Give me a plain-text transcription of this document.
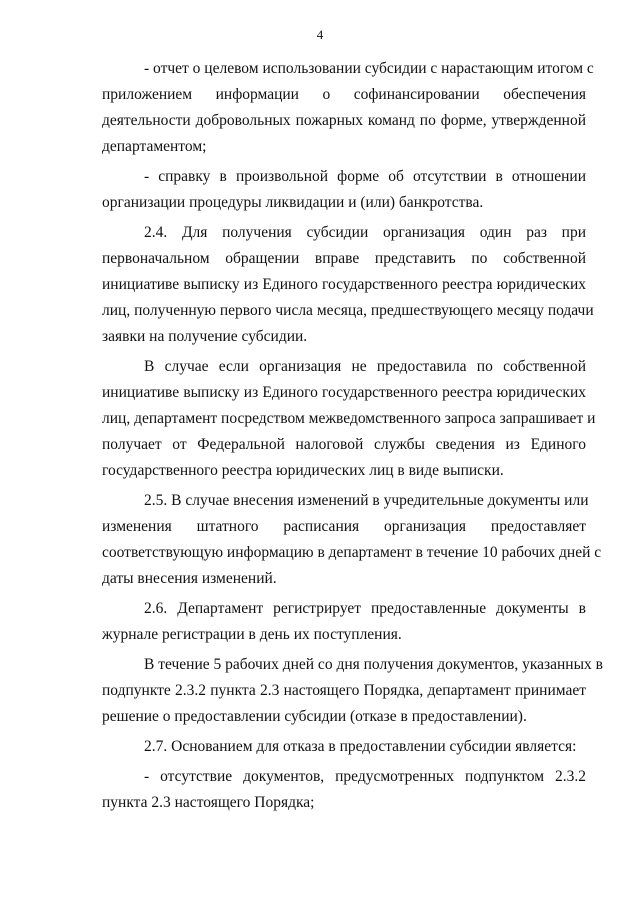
4
- отчет о целевом использовании субсидии с нарастающим итогом с
приложением информации о софинансировании обеспечения
деятельности добровольных пожарных команд по форме, утвержденной
департаментом;
- справку в произвольной форме об отсутствии в отношении
организации процедуры ликвидации и (или) банкротства.
2.4. Для получения субсидии организация один раз при
первоначальном обращении вправе представить по собственной
инициативе выписку из Единого государственного реестра юридических
лиц, полученную первого числа месяца, предшествующего месяцу подачи
заявки на получение субсидии.
В случае если организация не предоставила по собственной
инициативе выписку из Единого государственного реестра юридических
лиц, департамент посредством межведомственного запроса запрашивает и
получает от Федеральной налоговой службы сведения из Единого
государственного реестра юридических лиц в виде выписки.
2.5. В случае внесения изменений в учредительные документы или
изменения штатного расписания организация предоставляет
соответствующую информацию в департамент в течение 10 рабочих дней с
даты внесения изменений.
2.6. Департамент регистрирует предоставленные документы в
журнале регистрации в день их поступления.
В течение 5 рабочих дней со дня получения документов, указанных в
подпункте 2.3.2 пункта 2.3 настоящего Порядка, департамент принимает
решение о предоставлении субсидии (отказе в предоставлении).
2.7. Основанием для отказа в предоставлении субсидии является:
- отсутствие документов, предусмотренных подпунктом 2.3.2
пункта 2.3 настоящего Порядка;
